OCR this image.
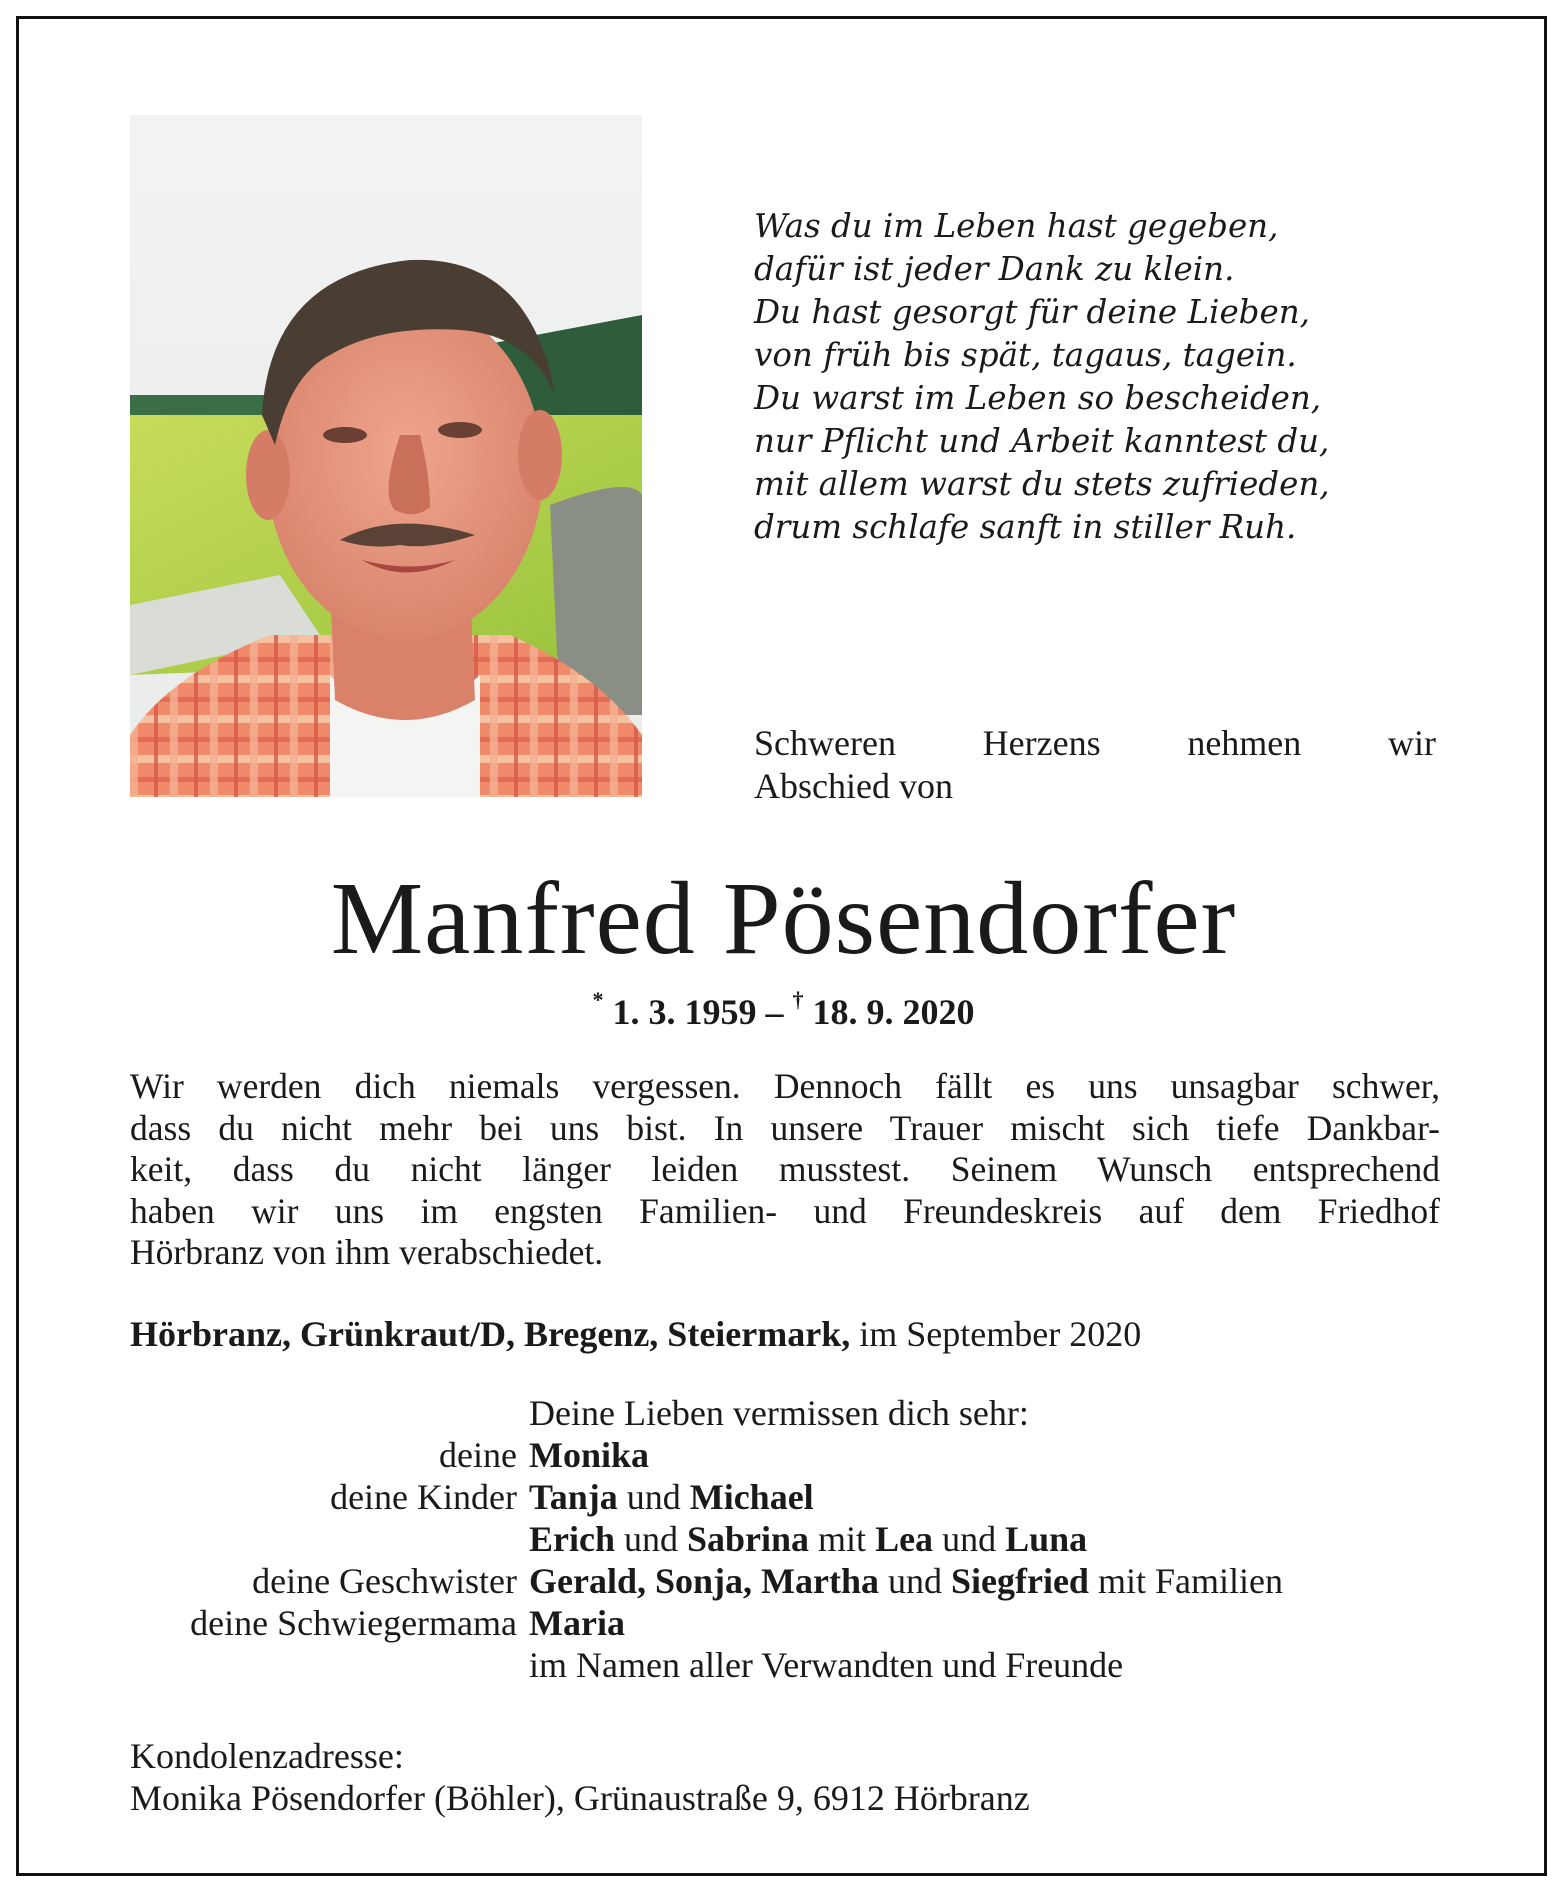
Was du im Leben hast gegeben,
dafür ist jeder Dank zu klein.
Du hast gesorgt für deine Lieben,
von früh bis spät, tagaus, tagein.
Du warst im Leben so bescheiden,
nur Pflicht und Arbeit kanntest du,
mit allem warst du stets zufrieden,
drum schlafe sanft in stiller Ruh.
Schweren Herzens nehmen wir
Abschied von
Manfred Pösendorfer
* 1. 3. 1959 – † 18. 9. 2020
Wir werden dich niemals vergessen. Dennoch fällt es uns unsagbar schwer,
dass du nicht mehr bei uns bist. In unsere Trauer mischt sich tiefe Dankbar-
keit, dass du nicht länger leiden musstest. Seinem Wunsch entsprechend
haben wir uns im engsten Familien- und Freundeskreis auf dem Friedhof
Hörbranz von ihm verabschiedet.
Hörbranz, Grünkraut/D, Bregenz, Steiermark, im September 2020
Deine Lieben vermissen dich sehr:
deine Monika
deine Kinder Tanja und Michael
Erich und Sabrina mit Lea und Luna
deine Geschwister Gerald, Sonja, Martha und Siegfried mit Familien
deine Schwiegermama Maria
im Namen aller Verwandten und Freunde
Kondolenzadresse:
Monika Pösendorfer (Böhler), Grünaustraße 9, 6912 Hörbranz
